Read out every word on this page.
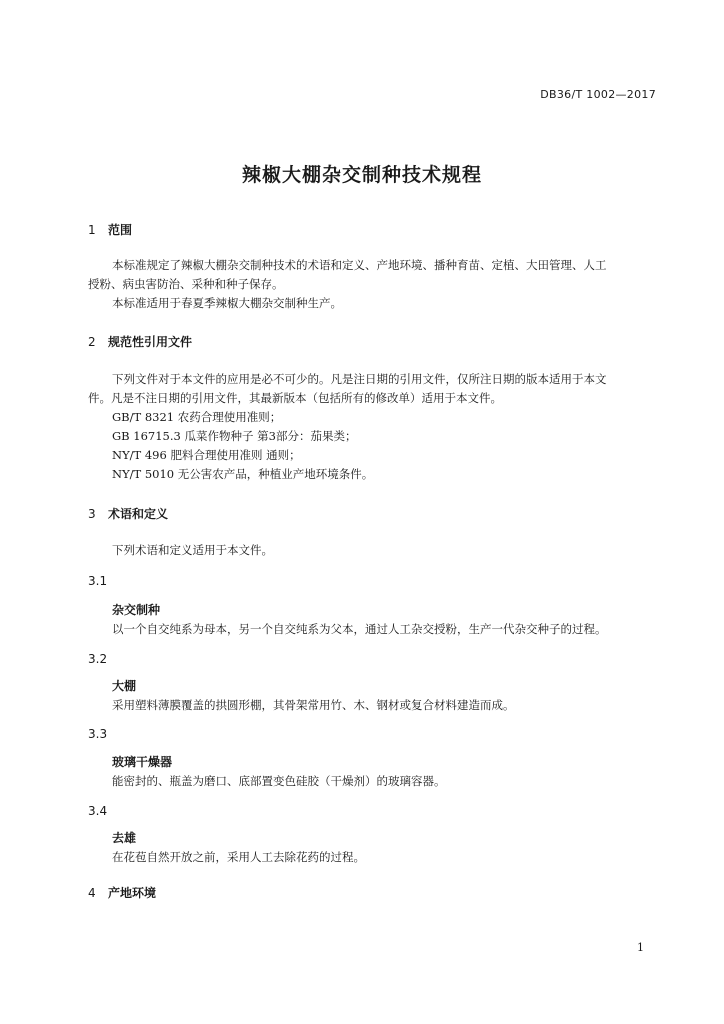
DB36/T 1002—2017
辣椒大棚杂交制种技术规程
1 范围
本标准规定了辣椒大棚杂交制种技术的术语和定义、产地环境、播种育苗、定植、大田管理、人工
授粉、病虫害防治、采种和种子保存。
本标准适用于春夏季辣椒大棚杂交制种生产。
2 规范性引用文件
下列文件对于本文件的应用是必不可少的。凡是注日期的引用文件，仅所注日期的版本适用于本文
件。凡是不注日期的引用文件，其最新版本（包括所有的修改单）适用于本文件。
GB/T 8321 农药合理使用准则；
GB 16715.3 瓜菜作物种子 第3部分：茄果类；
NY/T 496 肥料合理使用准则 通则；
NY/T 5010 无公害农产品，种植业产地环境条件。
3 术语和定义
下列术语和定义适用于本文件。
3.1
杂交制种
以一个自交纯系为母本，另一个自交纯系为父本，通过人工杂交授粉，生产一代杂交种子的过程。
3.2
大棚
采用塑料薄膜覆盖的拱圆形棚，其骨架常用竹、木、钢材或复合材料建造而成。
3.3
玻璃干燥器
能密封的、瓶盖为磨口、底部置变色硅胶（干燥剂）的玻璃容器。
3.4
去雄
在花苞自然开放之前，采用人工去除花药的过程。
4 产地环境
1
